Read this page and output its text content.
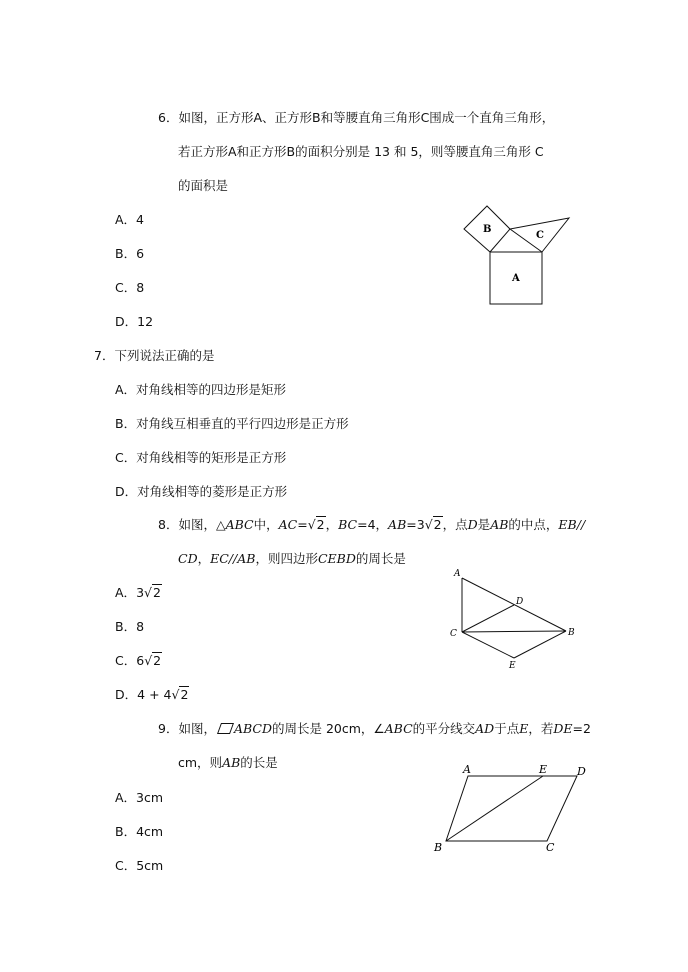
6．如图，正方形A、正方形B和等腰直角三角形C围成一个直角三角形，
若正方形A和正方形B的面积分别是 13 和 5，则等腰直角三角形 C
的面积是
A．4
B．6
C．8
D．12
B
C
A
7．下列说法正确的是
A．对角线相等的四边形是矩形
B．对角线互相垂直的平行四边形是正方形
C．对角线相等的矩形是正方形
D．对角线相等的菱形是正方形
8．如图，△ABC中，AC=√2，BC=4，AB=3√2，点D是AB的中点，EB//
CD，EC//AB，则四边形CEBD的周长是
A．3√2
B．8
C．6√2
D．4 + 4√2
A
D
C	B
E
9．如图， ABCD的周长是 20cm，∠ABC的平分线交AD于点E，若DE=2
cm，则AB的长是
A．3cm
B．4cm
C．5cm
A	E	D
B	C
